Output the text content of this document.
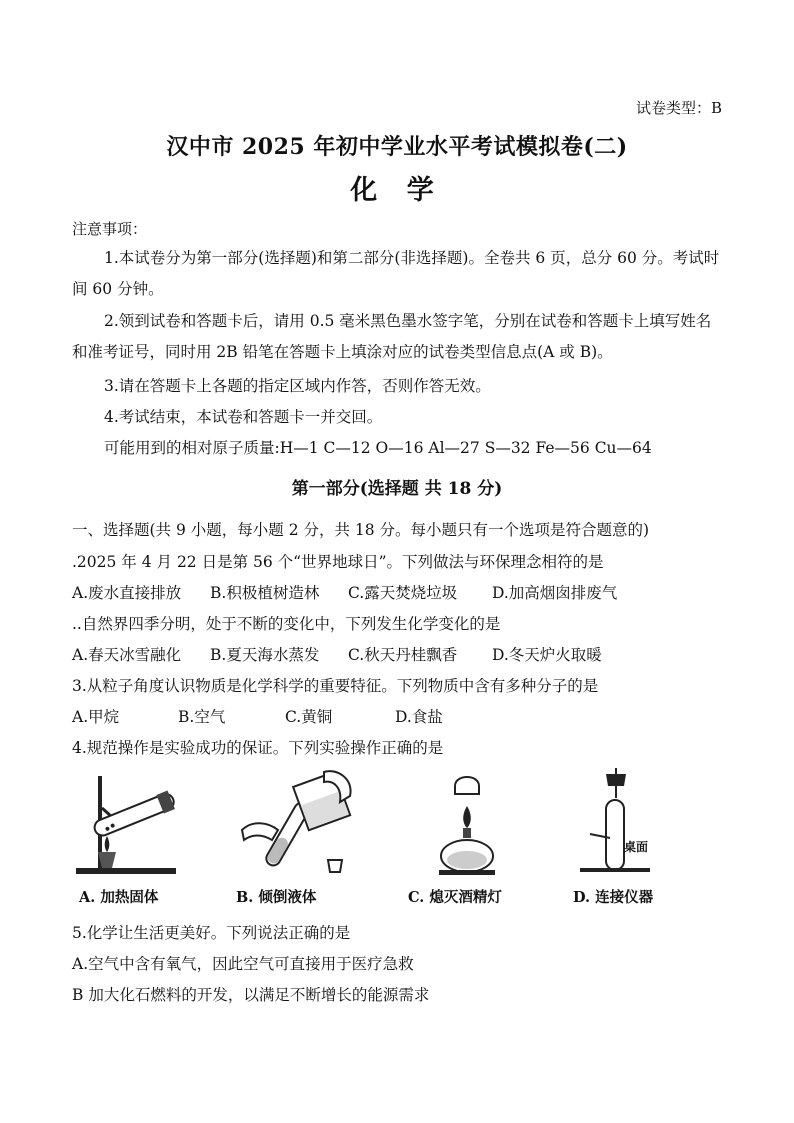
试卷类型：B
汉中市 2025 年初中学业水平考试模拟卷(二)
化 学
注意事项：
1.本试卷分为第一部分(选择题)和第二部分(非选择题)。全卷共 6 页，总分 60 分。考试时间 60 分钟。
2.领到试卷和答题卡后，请用 0.5 毫米黑色墨水签字笔，分别在试卷和答题卡上填写姓名和准考证号，同时用 2B 铅笔在答题卡上填涂对应的试卷类型信息点(A 或 B)。
3.请在答题卡上各题的指定区域内作答，否则作答无效。
4.考试结束，本试卷和答题卡一并交回。
可能用到的相对原子质量:H—1 C—12 O—16 Al—27 S—32 Fe—56 Cu—64
第一部分(选择题 共 18 分)
一、选择题(共 9 小题，每小题 2 分，共 18 分。每小题只有一个选项是符合题意的)
.2025 年 4 月 22 日是第 56 个“世界地球日”。下列做法与环保理念相符的是
A.废水直接排放	B.积极植树造林	C.露天焚烧垃圾	D.加高烟囱排废气
..自然界四季分明，处于不断的变化中，下列发生化学变化的是
A.春天冰雪融化	B.夏天海水蒸发	C.秋天丹桂飘香	D.冬天炉火取暖
3.从粒子角度认识物质是化学科学的重要特征。下列物质中含有多种分子的是
A.甲烷	B.空气	C.黄铜	D.食盐
4.规范操作是实验成功的保证。下列实验操作正确的是
A. 加热固体	B. 倾倒液体	C. 熄灭酒精灯
桌面
D. 连接仪器
5.化学让生活更美好。下列说法正确的是
A.空气中含有氧气，因此空气可直接用于医疗急救
B 加大化石燃料的开发，以满足不断增长的能源需求
